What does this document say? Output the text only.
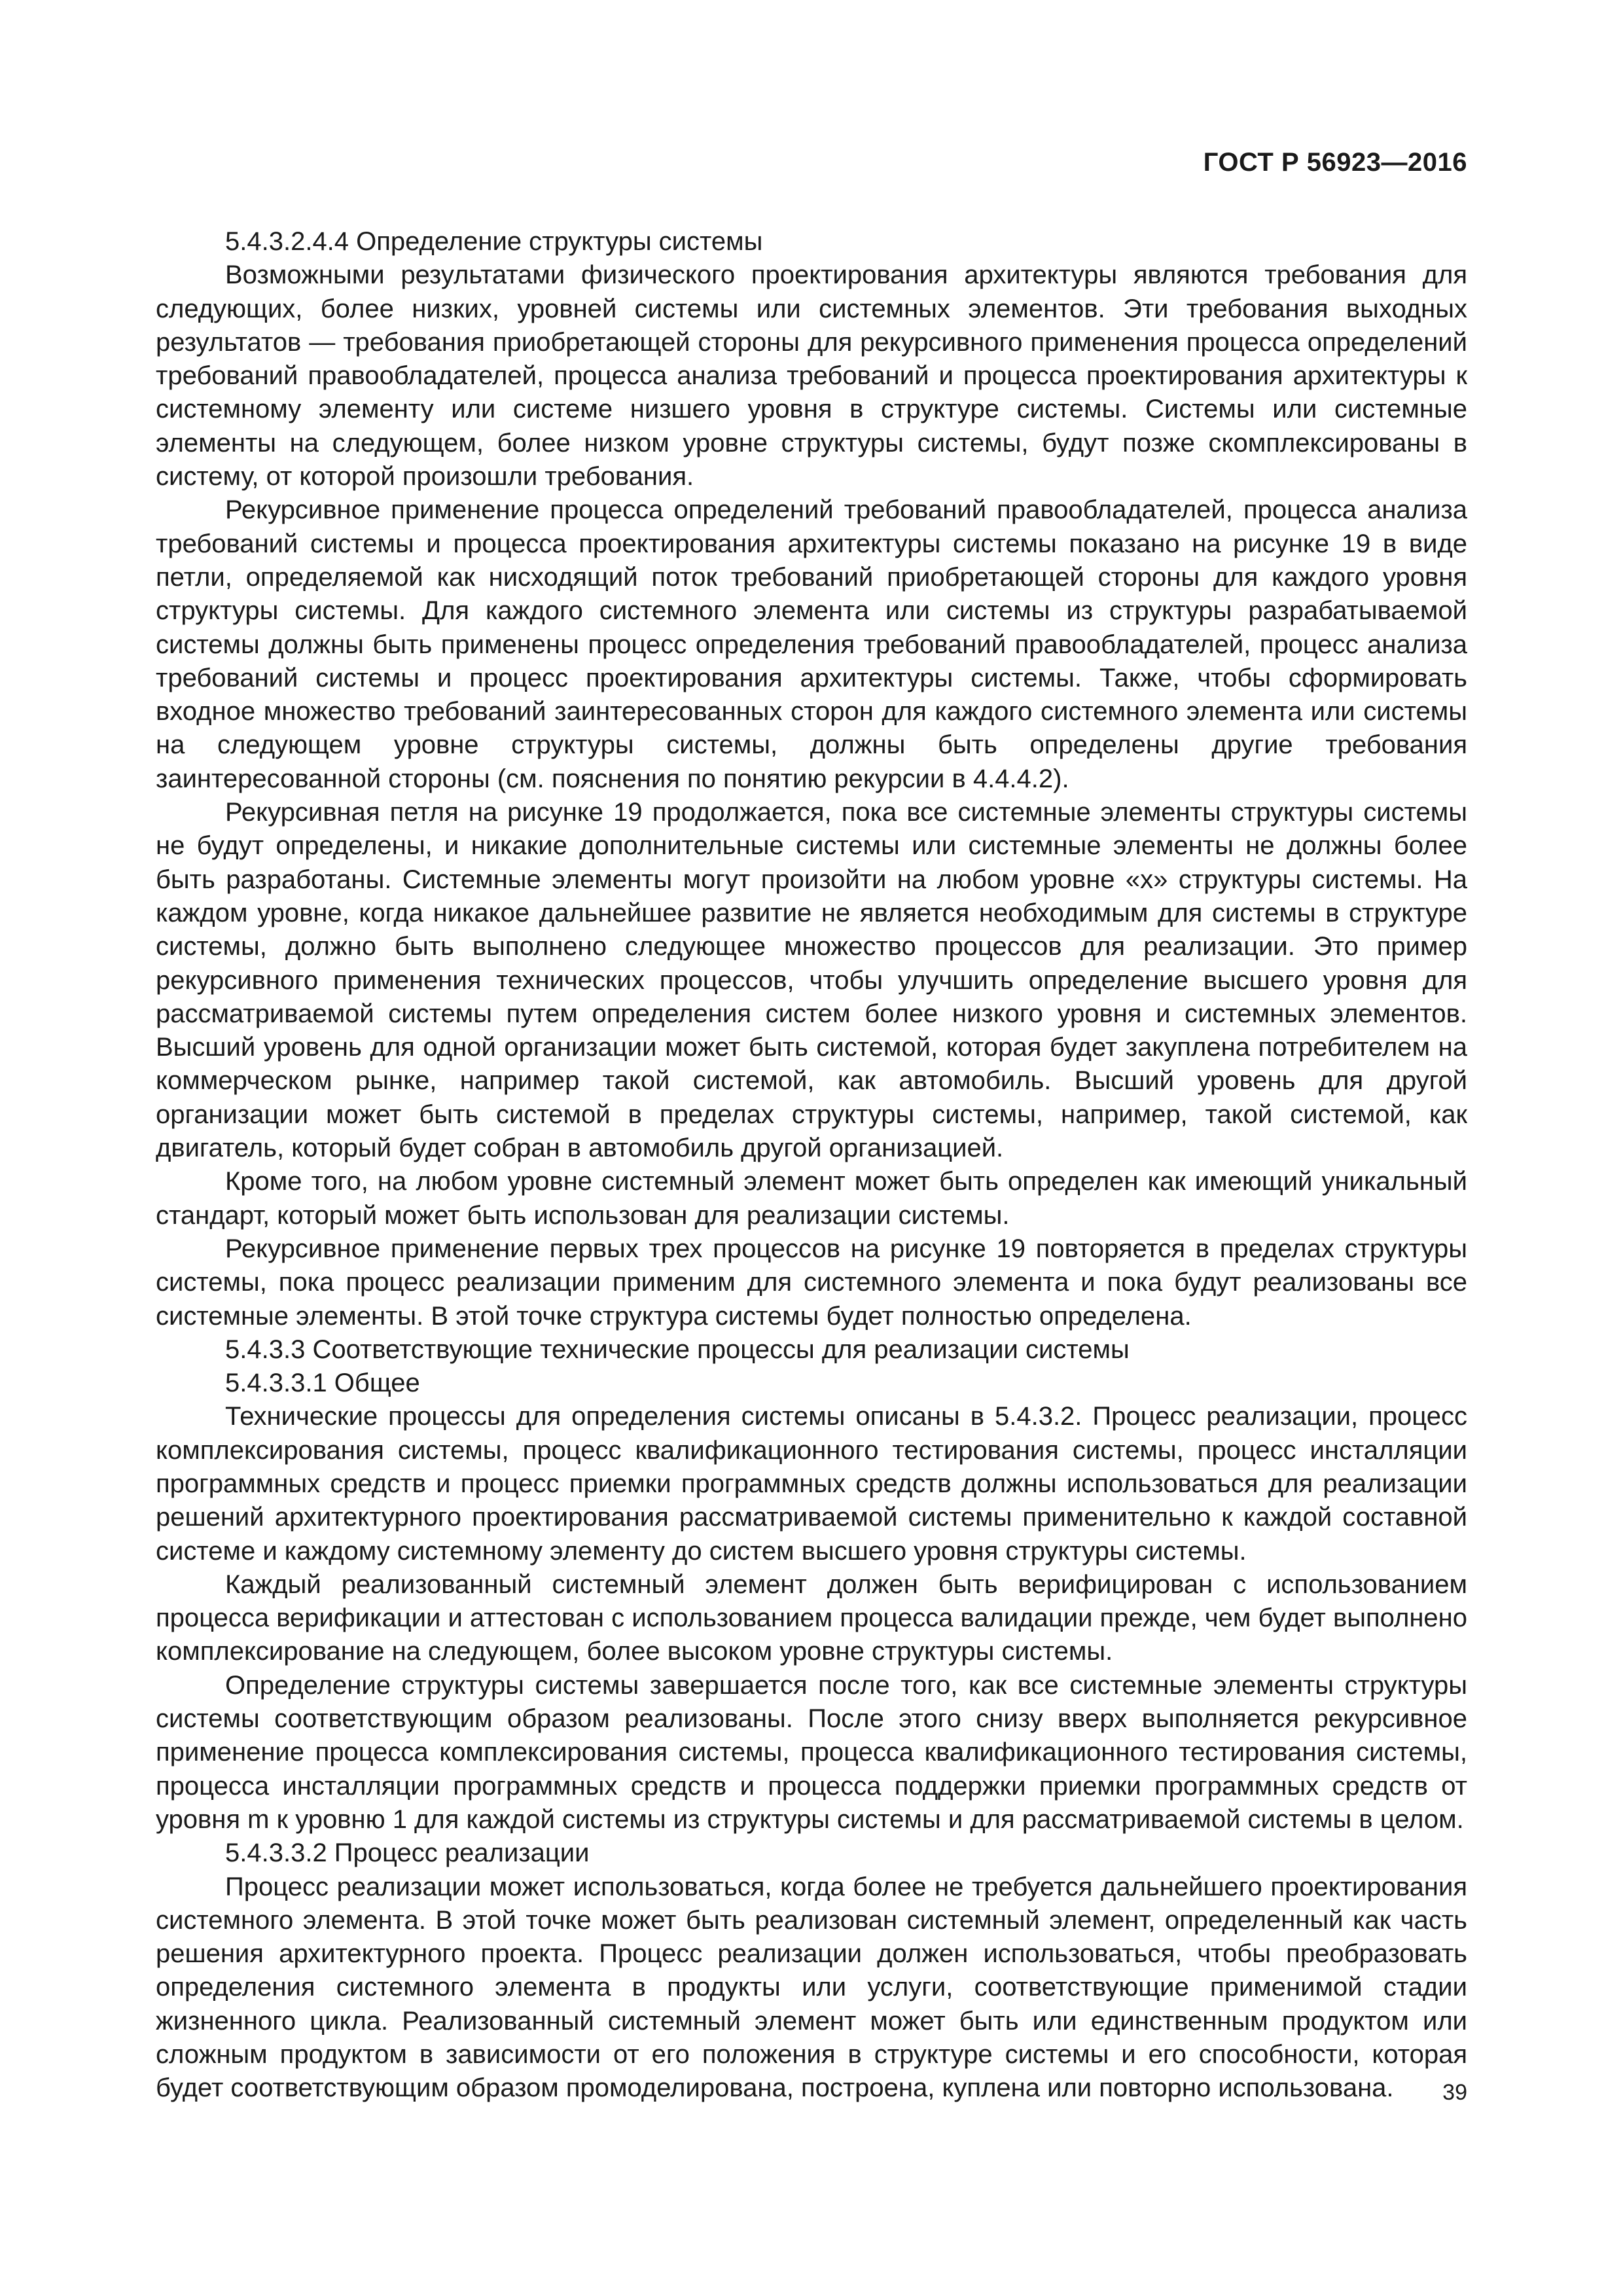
ГОСТ Р 56923—2016

5.4.3.2.4.4 Определение структуры системы

Возможными результатами физического проектирования архитектуры являются требования для следующих, более низких, уровней системы или системных элементов. Эти требования выходных результатов — требования приобретающей стороны для рекурсивного применения процесса определений требований правообладателей, процесса анализа требований и процесса проектирования архитектуры к системному элементу или системе низшего уровня в структуре системы. Системы или системные элементы на следующем, более низком уровне структуры системы, будут позже скомплексированы в систему, от которой произошли требования.

Рекурсивное применение процесса определений требований правообладателей, процесса анализа требований системы и процесса проектирования архитектуры системы показано на рисунке 19 в виде петли, определяемой как нисходящий поток требований приобретающей стороны для каждого уровня структуры системы. Для каждого системного элемента или системы из структуры разрабатываемой системы должны быть применены процесс определения требований правообладателей, процесс анализа требований системы и процесс проектирования архитектуры системы. Также, чтобы сформировать входное множество требований заинтересованных сторон для каждого системного элемента или системы на следующем уровне структуры системы, должны быть определены другие требования заинтересованной стороны (см. пояснения по понятию рекурсии в 4.4.4.2).

Рекурсивная петля на рисунке 19 продолжается, пока все системные элементы структуры системы не будут определены, и никакие дополнительные системы или системные элементы не должны более быть разработаны. Системные элементы могут произойти на любом уровне «х» структуры системы. На каждом уровне, когда никакое дальнейшее развитие не является необходимым для системы в структуре системы, должно быть выполнено следующее множество процессов для реализации. Это пример рекурсивного применения технических процессов, чтобы улучшить определение высшего уровня для рассматриваемой системы путем определения систем более низкого уровня и системных элементов. Высший уровень для одной организации может быть системой, которая будет закуплена потребителем на коммерческом рынке, например такой системой, как автомобиль. Высший уровень для другой организации может быть системой в пределах структуры системы, например, такой системой, как двигатель, который будет собран в автомобиль другой организацией.

Кроме того, на любом уровне системный элемент может быть определен как имеющий уникальный стандарт, который может быть использован для реализации системы.

Рекурсивное применение первых трех процессов на рисунке 19 повторяется в пределах структуры системы, пока процесс реализации применим для системного элемента и пока будут реализованы все системные элементы. В этой точке структура системы будет полностью определена.

5.4.3.3 Соответствующие технические процессы для реализации системы

5.4.3.3.1 Общее

Технические процессы для определения системы описаны в 5.4.3.2. Процесс реализации, процесс комплексирования системы, процесс квалификационного тестирования системы, процесс инсталляции программных средств и процесс приемки программных средств должны использоваться для реализации решений архитектурного проектирования рассматриваемой системы применительно к каждой составной системе и каждому системному элементу до систем высшего уровня структуры системы.

Каждый реализованный системный элемент должен быть верифицирован с использованием процесса верификации и аттестован с использованием процесса валидации прежде, чем будет выполнено комплексирование на следующем, более высоком уровне структуры системы.

Определение структуры системы завершается после того, как все системные элементы структуры системы соответствующим образом реализованы. После этого снизу вверх выполняется рекурсивное применение процесса комплексирования системы, процесса квалификационного тестирования системы, процесса инсталляции программных средств и процесса поддержки приемки программных средств от уровня m к уровню 1 для каждой системы из структуры системы и для рассматриваемой системы в целом.

5.4.3.3.2 Процесс реализации

Процесс реализации может использоваться, когда более не требуется дальнейшего проектирования системного элемента. В этой точке может быть реализован системный элемент, определенный как часть решения архитектурного проекта. Процесс реализации должен использоваться, чтобы преобразовать определения системного элемента в продукты или услуги, соответствующие применимой стадии жизненного цикла. Реализованный системный элемент может быть или единственным продуктом или сложным продуктом в зависимости от его положения в структуре системы и его способности, которая будет соответствующим образом промоделирована, построена, куплена или повторно использована.	39
